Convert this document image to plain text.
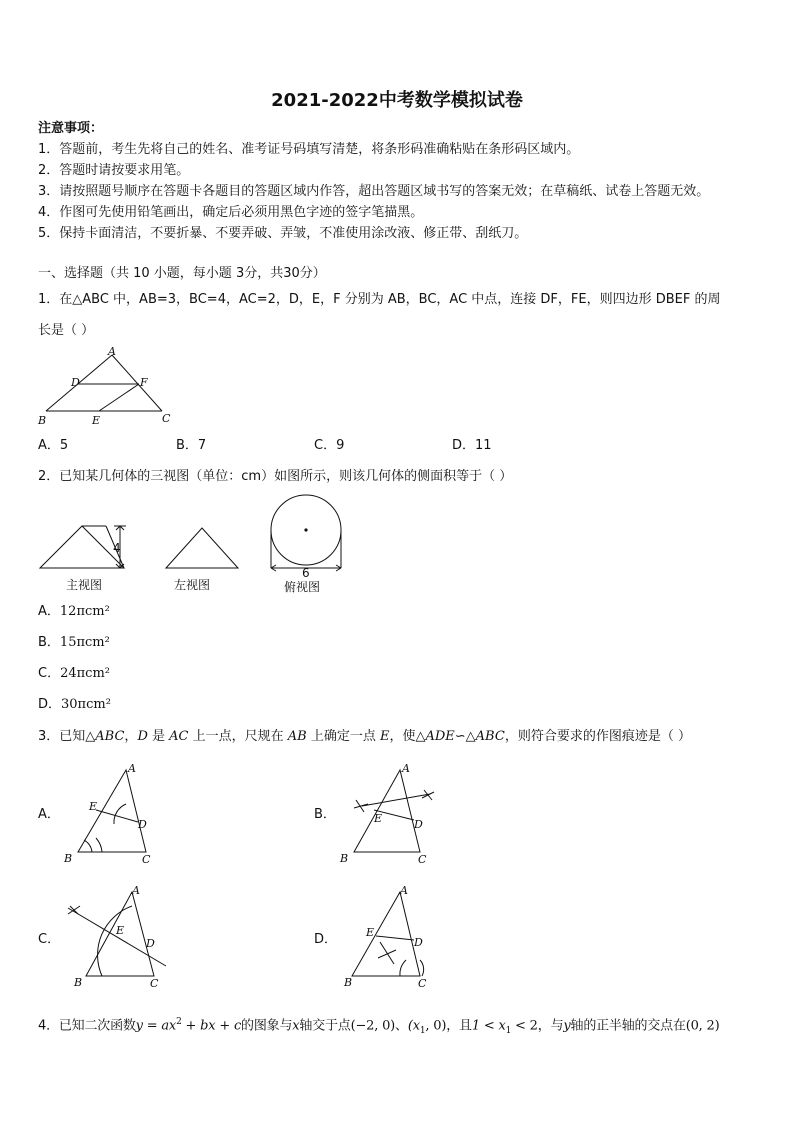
2021-2022中考数学模拟试卷
注意事项：
1．答题前，考生先将自己的姓名、准考证号码填写清楚，将条形码准确粘贴在条形码区域内。
2．答题时请按要求用笔。
3．请按照题号顺序在答题卡各题目的答题区域内作答，超出答题区域书写的答案无效；在草稿纸、试卷上答题无效。
4．作图可先使用铅笔画出，确定后必须用黑色字迹的签字笔描黑。
5．保持卡面清洁，不要折暴、不要弄破、弄皱，不准使用涂改液、修正带、刮纸刀。
一、选择题（共 10 小题，每小题 3分，共30分）
1．在△ABC 中，AB=3，BC=4，AC=2，D，E，F 分别为 AB，BC，AC 中点，连接 DF，FE，则四边形 DBEF 的周
长是（ ）
A
D	F
B	E	C
A．5	B．7	C．9	D．11
2．已知某几何体的三视图（单位：cm）如图所示，则该几何体的侧面积等于（ ）
4
6
主视图	左视图	俯视图
A．12πcm²
B．15πcm²
C．24πcm²
D．30πcm²
3．已知△ABC，D 是 AC 上一点，尺规在 AB 上确定一点 E，使△ADE∽△ABC，则符合要求的作图痕迹是（ ）
A．	B．
C．	D．
A
E
D
B	C
A
E	D
B	C
A
E
D
B	C
A
E
D
B	C
4．已知二次函数$y = ax^2$ + bx + c的图象与x轴交于点(−2, 0)、($x_1$, 0)，且$1 < x_1 < 2$，与y轴的正半轴的交点在(0, 2)
